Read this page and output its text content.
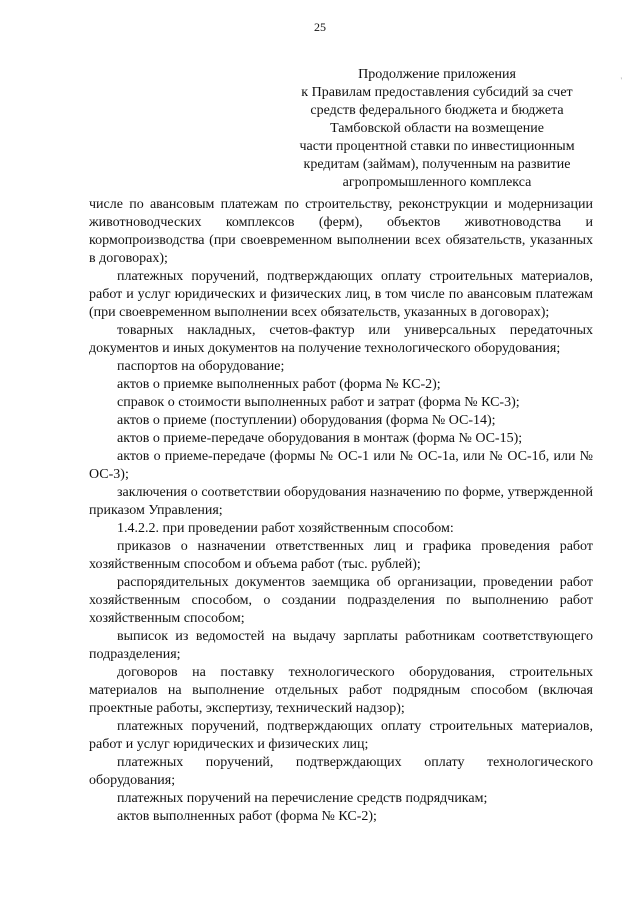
25
'
Продолжение приложения
к Правилам предоставления субсидий за счет
средств федерального бюджета и бюджета
Тамбовской области на возмещение
части процентной ставки по инвестиционным
кредитам (займам), полученным на развитие
агропромышленного комплекса

числе по авансовым платежам по строительству, реконструкции и модернизации животноводческих комплексов (ферм), объектов животноводства и кормопроизводства (при своевременном выполнении всех обязательств, указанных в договорах);

платежных поручений, подтверждающих оплату строительных материалов, работ и услуг юридических и физических лиц, в том числе по авансовым платежам (при своевременном выполнении всех обязательств, указанных в договорах);

товарных накладных, счетов-фактур или универсальных передаточных документов и иных документов на получение технологического оборудования;

паспортов на оборудование;

актов о приемке выполненных работ (форма № КС-2);

справок о стоимости выполненных работ и затрат (форма № КС-3);

актов о приеме (поступлении) оборудования (форма № ОС-14);

актов о приеме-передаче оборудования в монтаж (форма № ОС-15);

актов о приеме-передаче (формы № ОС-1 или № ОС-1а, или № ОС-1б, или № ОС-3);

заключения о соответствии оборудования назначению по форме, утвержденной приказом Управления;

1.4.2.2. при проведении работ хозяйственным способом:

приказов о назначении ответственных лиц и графика проведения работ хозяйственным способом и объема работ (тыс. рублей);

распорядительных документов заемщика об организации, проведении работ хозяйственным способом, о создании подразделения по выполнению работ хозяйственным способом;

выписок из ведомостей на выдачу зарплаты работникам соответствующего подразделения;

договоров на поставку технологического оборудования, строительных материалов на выполнение отдельных работ подрядным способом (включая проектные работы, экспертизу, технический надзор);

платежных поручений, подтверждающих оплату строительных материалов, работ и услуг юридических и физических лиц;

платежных поручений, подтверждающих оплату технологического оборудования;

платежных поручений на перечисление средств подрядчикам;

актов выполненных работ (форма № КС-2);
